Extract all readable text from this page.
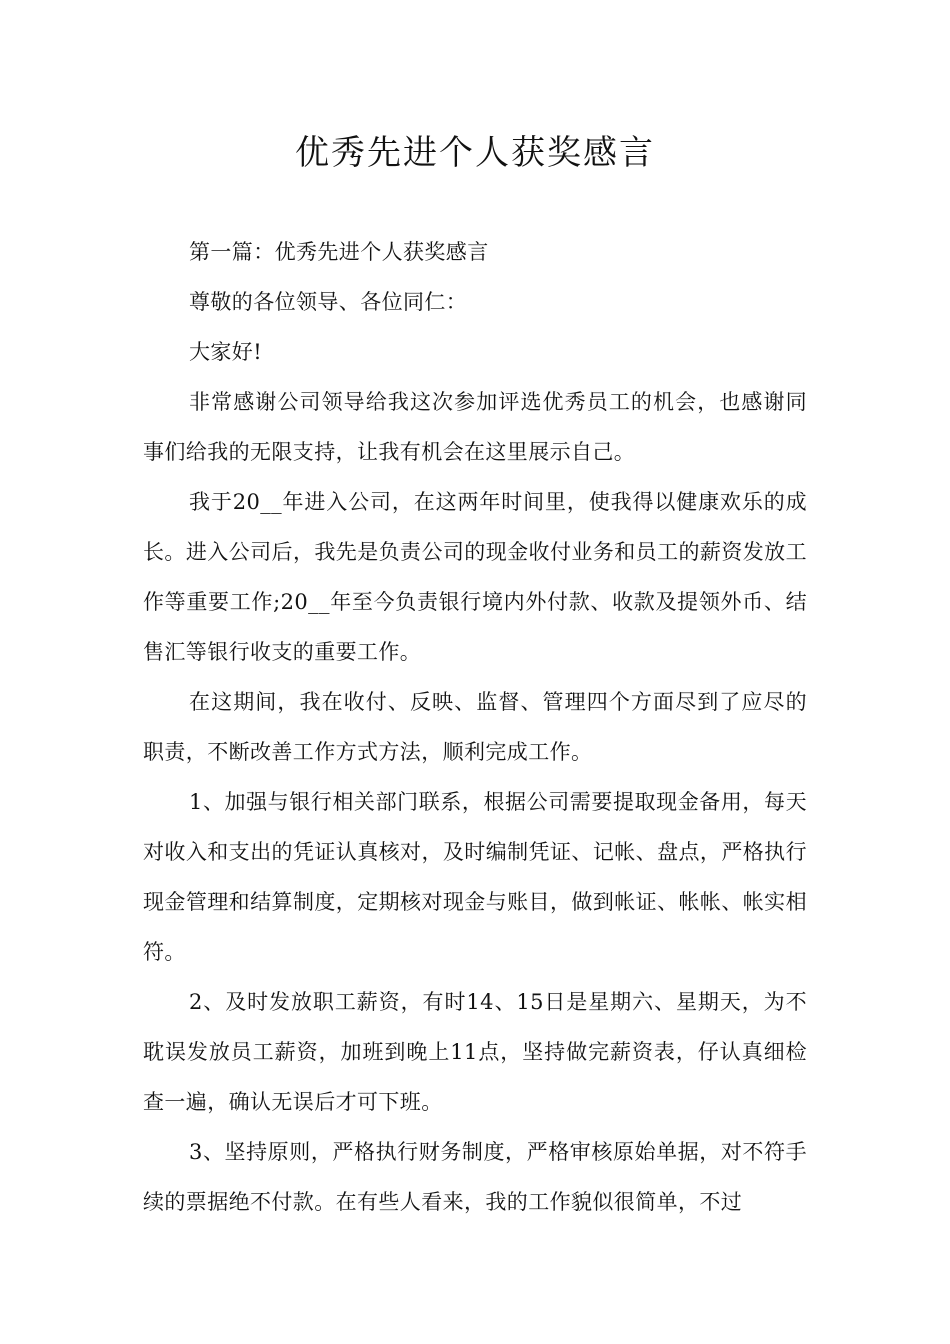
优秀先进个人获奖感言

第一篇：优秀先进个人获奖感言

尊敬的各位领导、各位同仁：

大家好!

非常感谢公司领导给我这次参加评选优秀员工的机会，也感谢同事们给我的无限支持，让我有机会在这里展示自己。

我于20__年进入公司，在这两年时间里，使我得以健康欢乐的成长。进入公司后，我先是负责公司的现金收付业务和员工的薪资发放工作等重要工作;20__年至今负责银行境内外付款、收款及提领外币、结售汇等银行收支的重要工作。

在这期间，我在收付、反映、监督、管理四个方面尽到了应尽的职责，不断改善工作方式方法，顺利完成工作。

1、加强与银行相关部门联系，根据公司需要提取现金备用，每天对收入和支出的凭证认真核对，及时编制凭证、记帐、盘点，严格执行现金管理和结算制度，定期核对现金与账目，做到帐证、帐帐、帐实相符。

2、及时发放职工薪资，有时14、15日是星期六、星期天，为不耽误发放员工薪资，加班到晚上11点，坚持做完薪资表，仔认真细检查一遍，确认无误后才可下班。

3、坚持原则，严格执行财务制度，严格审核原始单据，对不符手续的票据绝不付款。在有些人看来，我的工作貌似很简单，不过
